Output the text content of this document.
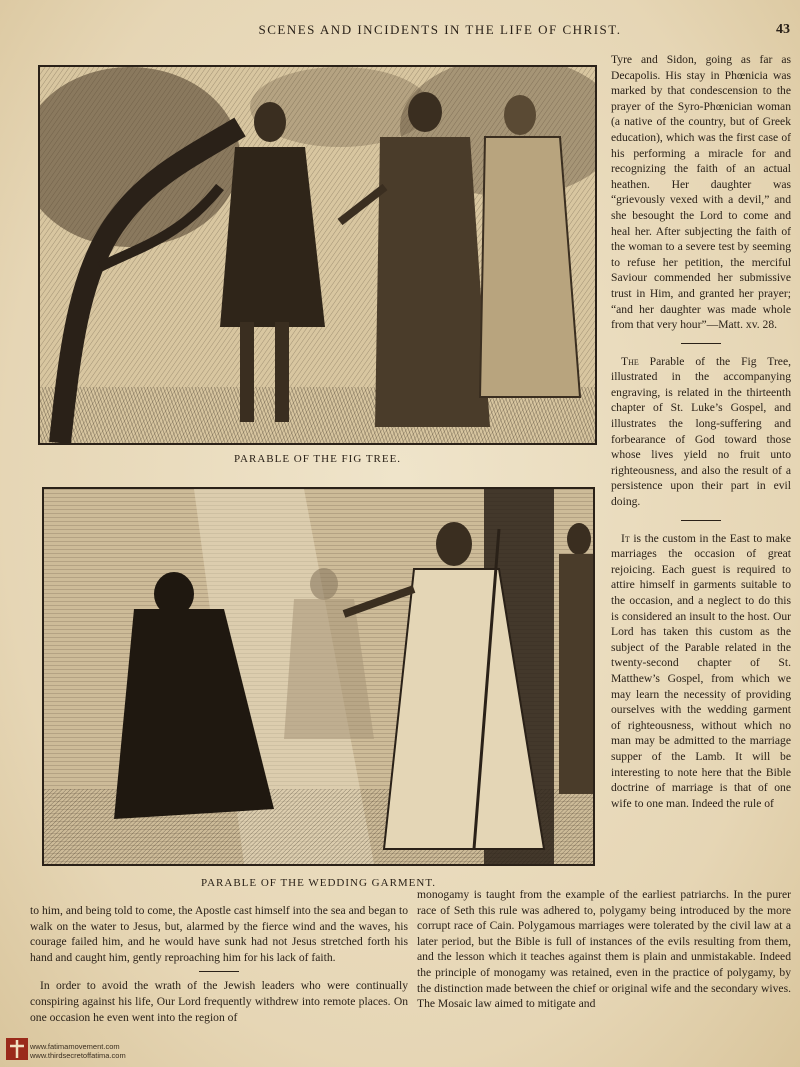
SCENES AND INCIDENTS IN THE LIFE OF CHRIST.	43
PARABLE OF THE FIG TREE.
PARABLE OF THE WEDDING GARMENT.

Tyre and Sidon, going as far as Decapolis. His stay in Phœnicia was marked by that condescension to the prayer of the Syro-Phœnician woman (a native of the country, but of Greek education), which was the first case of his performing a miracle for and recognizing the faith of an actual heathen. Her daughter was “grievously vexed with a devil,” and she besought the Lord to come and heal her. After subjecting the faith of the woman to a severe test by seeming to refuse her petition, the merciful Saviour commended her submissive trust in Him, and granted her prayer; “and her daughter was made whole from that very hour”—Matt. xv. 28.

The Parable of the Fig Tree, illustrated in the accompanying engraving, is related in the thirteenth chapter of St. Luke’s Gospel, and illustrates the long-suffering and forbearance of God toward those whose lives yield no fruit unto righteousness, and also the result of a persistence upon their part in evil doing.

It is the custom in the East to make marriages the occasion of great rejoicing. Each guest is required to attire himself in garments suitable to the occasion, and a neglect to do this is considered an insult to the host. Our Lord has taken this custom as the subject of the Parable related in the twenty-second chapter of St. Matthew’s Gospel, from which we may learn the necessity of providing ourselves with the wedding garment of righteousness, without which no man may be admitted to the marriage supper of the Lamb. It will be interesting to note here that the Bible doctrine of marriage is that of one wife to one man. Indeed the rule of

to him, and being told to come, the Apostle cast himself into the sea and began to walk on the water to Jesus, but, alarmed by the fierce wind and the waves, his courage failed him, and he would have sunk had not Jesus stretched forth his hand and caught him, gently reproaching him for his lack of faith.

In order to avoid the wrath of the Jewish leaders who were continually conspiring against his life, Our Lord frequently withdrew into remote places. On one occasion he even went into the region of

monogamy is taught from the example of the earliest patriarchs. In the purer race of Seth this rule was adhered to, polygamy being introduced by the more corrupt race of Cain. Polygamous marriages were tolerated by the civil law at a later period, but the Bible is full of instances of the evils resulting from them, and the lesson which it teaches against them is plain and unmistakable. Indeed the principle of monogamy was retained, even in the practice of polygamy, by the distinction made between the chief or original wife and the secondary wives. The Mosaic law aimed to mitigate and

www.fatimamovement.com
www.thirdsecretoffatima.com
